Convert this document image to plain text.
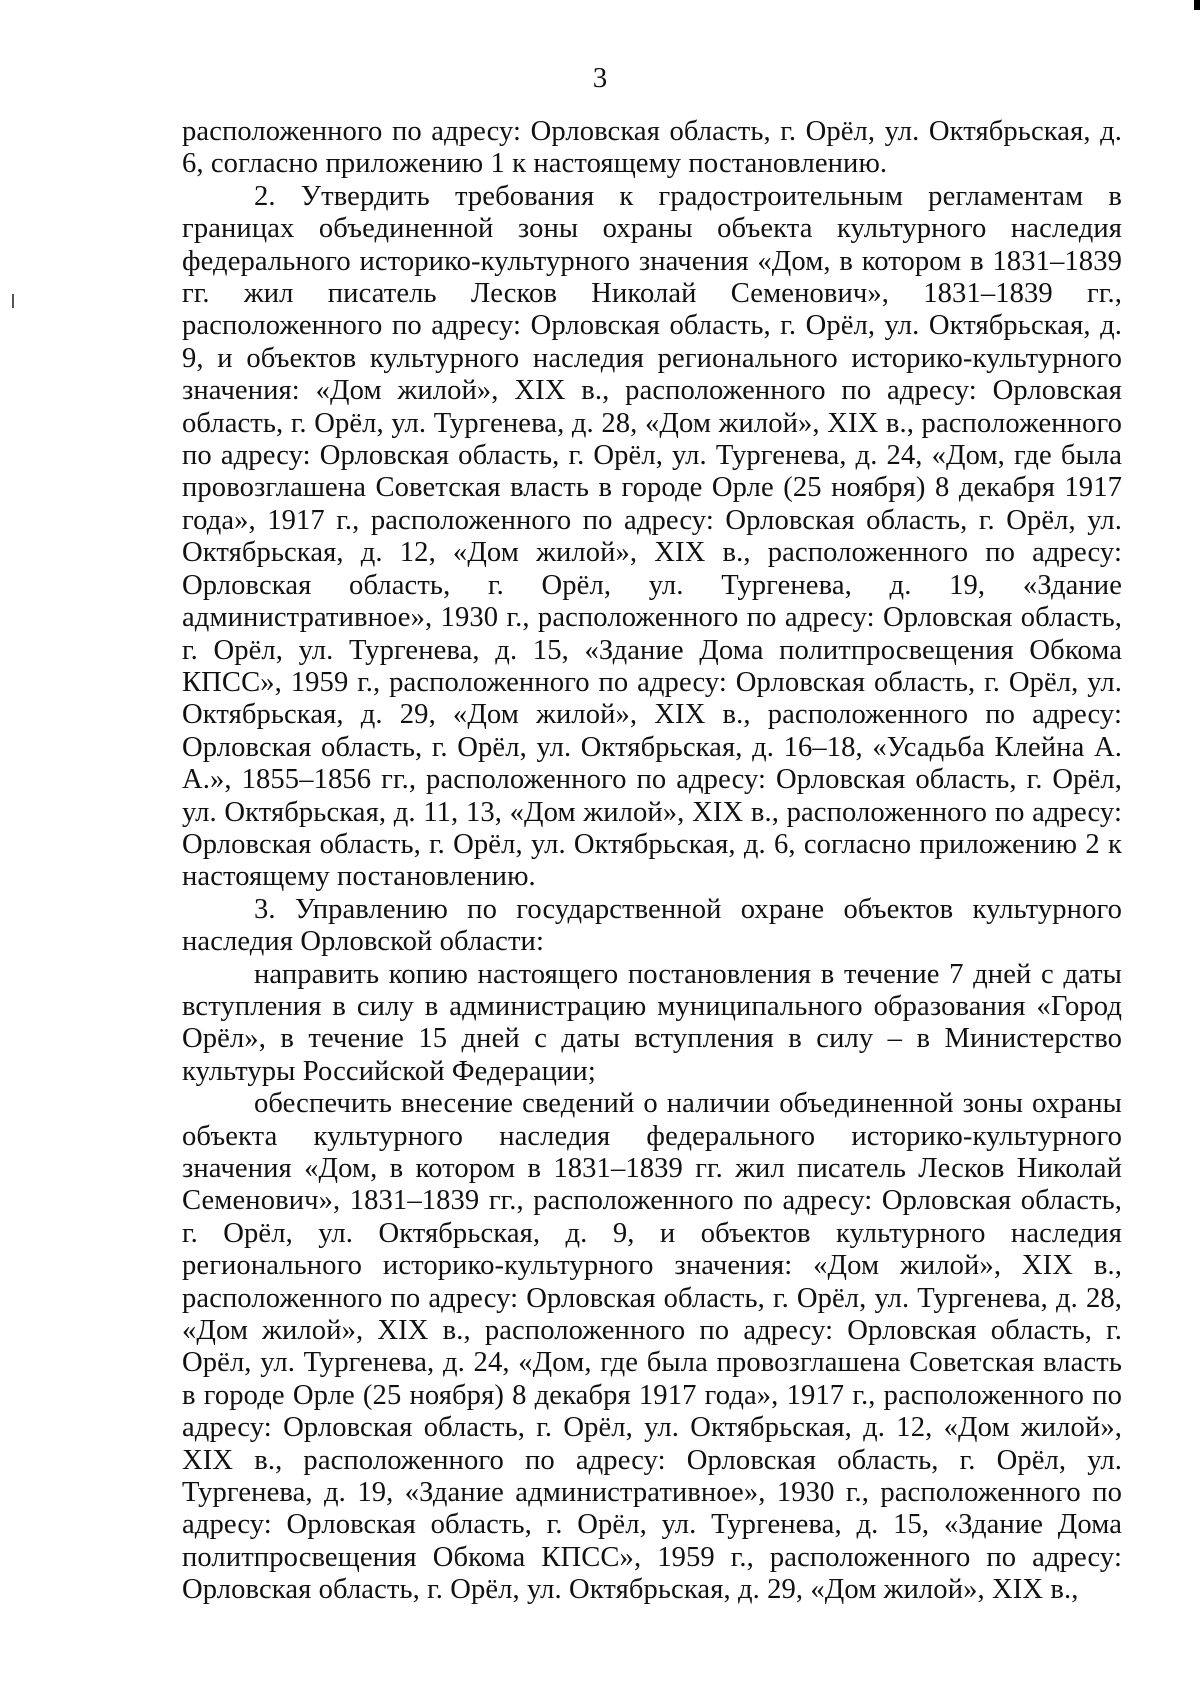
3

расположенного по адресу: Орловская область, г. Орёл, ул. Октябрьская, д. 6, согласно приложению 1 к настоящему постановлению.

2. Утвердить требования к градостроительным регламентам в границах объединенной зоны охраны объекта культурного наследия федерального историко-культурного значения «Дом, в котором в 1831–1839 гг. жил писатель Лесков Николай Семенович», 1831–1839 гг., расположенного по адресу: Орловская область, г. Орёл, ул. Октябрьская, д. 9, и объектов культурного наследия регионального историко-культурного значения: «Дом жилой», XIX в., расположенного по адресу: Орловская область, г. Орёл, ул. Тургенева, д. 28, «Дом жилой», XIX в., расположенного по адресу: Орловская область, г. Орёл, ул. Тургенева, д. 24, «Дом, где была провозглашена Советская власть в городе Орле (25 ноября) 8 декабря 1917 года», 1917 г., расположенного по адресу: Орловская область, г. Орёл, ул. Октябрьская, д. 12, «Дом жилой», XIX в., расположенного по адресу: Орловская область, г. Орёл, ул. Тургенева, д. 19, «Здание административное», 1930 г., расположенного по адресу: Орловская область, г. Орёл, ул. Тургенева, д. 15, «Здание Дома политпросвещения Обкома КПСС», 1959 г., расположенного по адресу: Орловская область, г. Орёл, ул. Октябрьская, д. 29, «Дом жилой», XIX в., расположенного по адресу: Орловская область, г. Орёл, ул. Октябрьская, д. 16–18, «Усадьба Клейна А. А.», 1855–1856 гг., расположенного по адресу: Орловская область, г. Орёл, ул. Октябрьская, д. 11, 13, «Дом жилой», XIX в., расположенного по адресу: Орловская область, г. Орёл, ул. Октябрьская, д. 6, согласно приложению 2 к настоящему постановлению.

3. Управлению по государственной охране объектов культурного наследия Орловской области:

направить копию настоящего постановления в течение 7 дней с даты вступления в силу в администрацию муниципального образования «Город Орёл», в течение 15 дней с даты вступления в силу – в Министерство культуры Российской Федерации;

обеспечить внесение сведений о наличии объединенной зоны охраны объекта культурного наследия федерального историко-культурного значения «Дом, в котором в 1831–1839 гг. жил писатель Лесков Николай Семенович», 1831–1839 гг., расположенного по адресу: Орловская область, г. Орёл, ул. Октябрьская, д. 9, и объектов культурного наследия регионального историко-культурного значения: «Дом жилой», XIX в., расположенного по адресу: Орловская область, г. Орёл, ул. Тургенева, д. 28, «Дом жилой», XIX в., расположенного по адресу: Орловская область, г. Орёл, ул. Тургенева, д. 24, «Дом, где была провозглашена Советская власть в городе Орле (25 ноября) 8 декабря 1917 года», 1917 г., расположенного по адресу: Орловская область, г. Орёл, ул. Октябрьская, д. 12, «Дом жилой», XIX в., расположенного по адресу: Орловская область, г. Орёл, ул. Тургенева, д. 19, «Здание административное», 1930 г., расположенного по адресу: Орловская область, г. Орёл, ул. Тургенева, д. 15, «Здание Дома политпросвещения Обкома КПСС», 1959 г., расположенного по адресу: Орловская область, г. Орёл, ул. Октябрьская, д. 29, «Дом жилой», XIX в.,
